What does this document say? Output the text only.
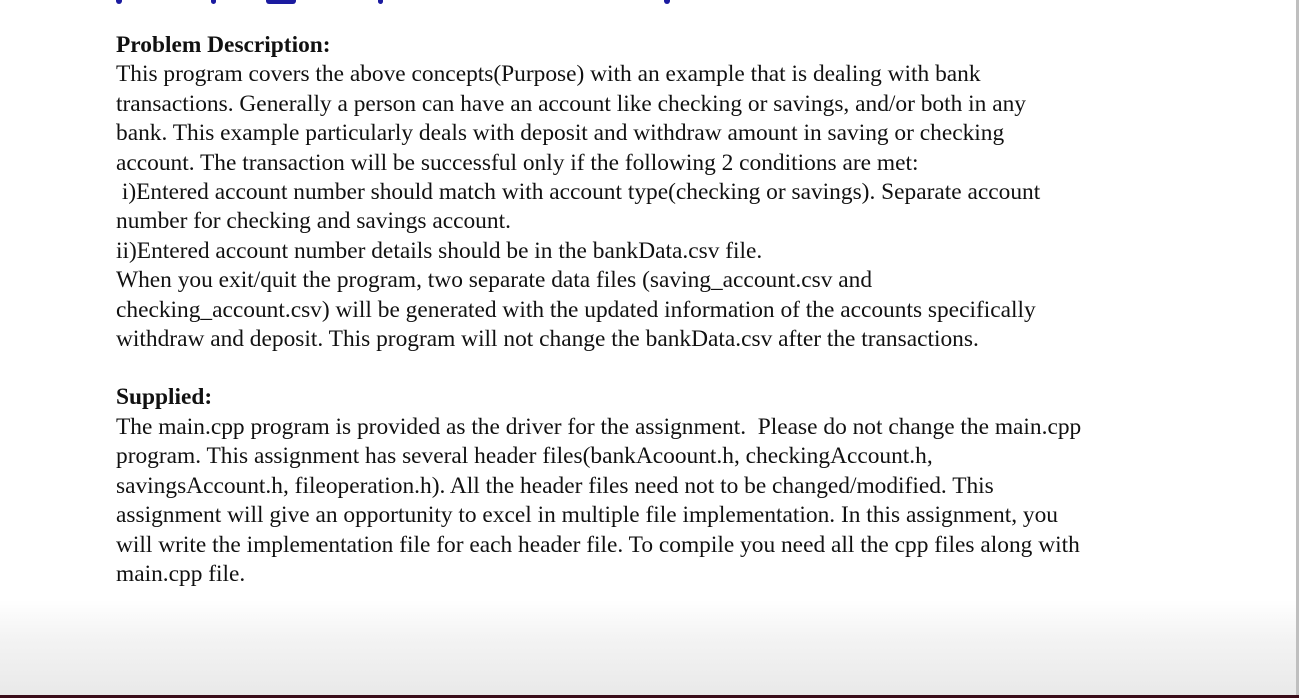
Problem Description:

This program covers the above concepts(Purpose) with an example that is dealing with bank

transactions. Generally a person can have an account like checking or savings, and/or both in any

bank. This example particularly deals with deposit and withdraw amount in saving or checking

account. The transaction will be successful only if the following 2 conditions are met:

i)Entered account number should match with account type(checking or savings). Separate account

number for checking and savings account.

ii)Entered account number details should be in the bankData.csv file.

When you exit/quit the program, two separate data files (saving_account.csv and

checking_account.csv) will be generated with the updated information of the accounts specifically

withdraw and deposit. This program will not change the bankData.csv after the transactions.

Supplied:

The main.cpp program is provided as the driver for the assignment.  Please do not change the main.cpp

program. This assignment has several header files(bankAcoount.h, checkingAccount.h,

savingsAccount.h, fileoperation.h). All the header files need not to be changed/modified. This

assignment will give an opportunity to excel in multiple file implementation. In this assignment, you

will write the implementation file for each header file. To compile you need all the cpp files along with

main.cpp file.
